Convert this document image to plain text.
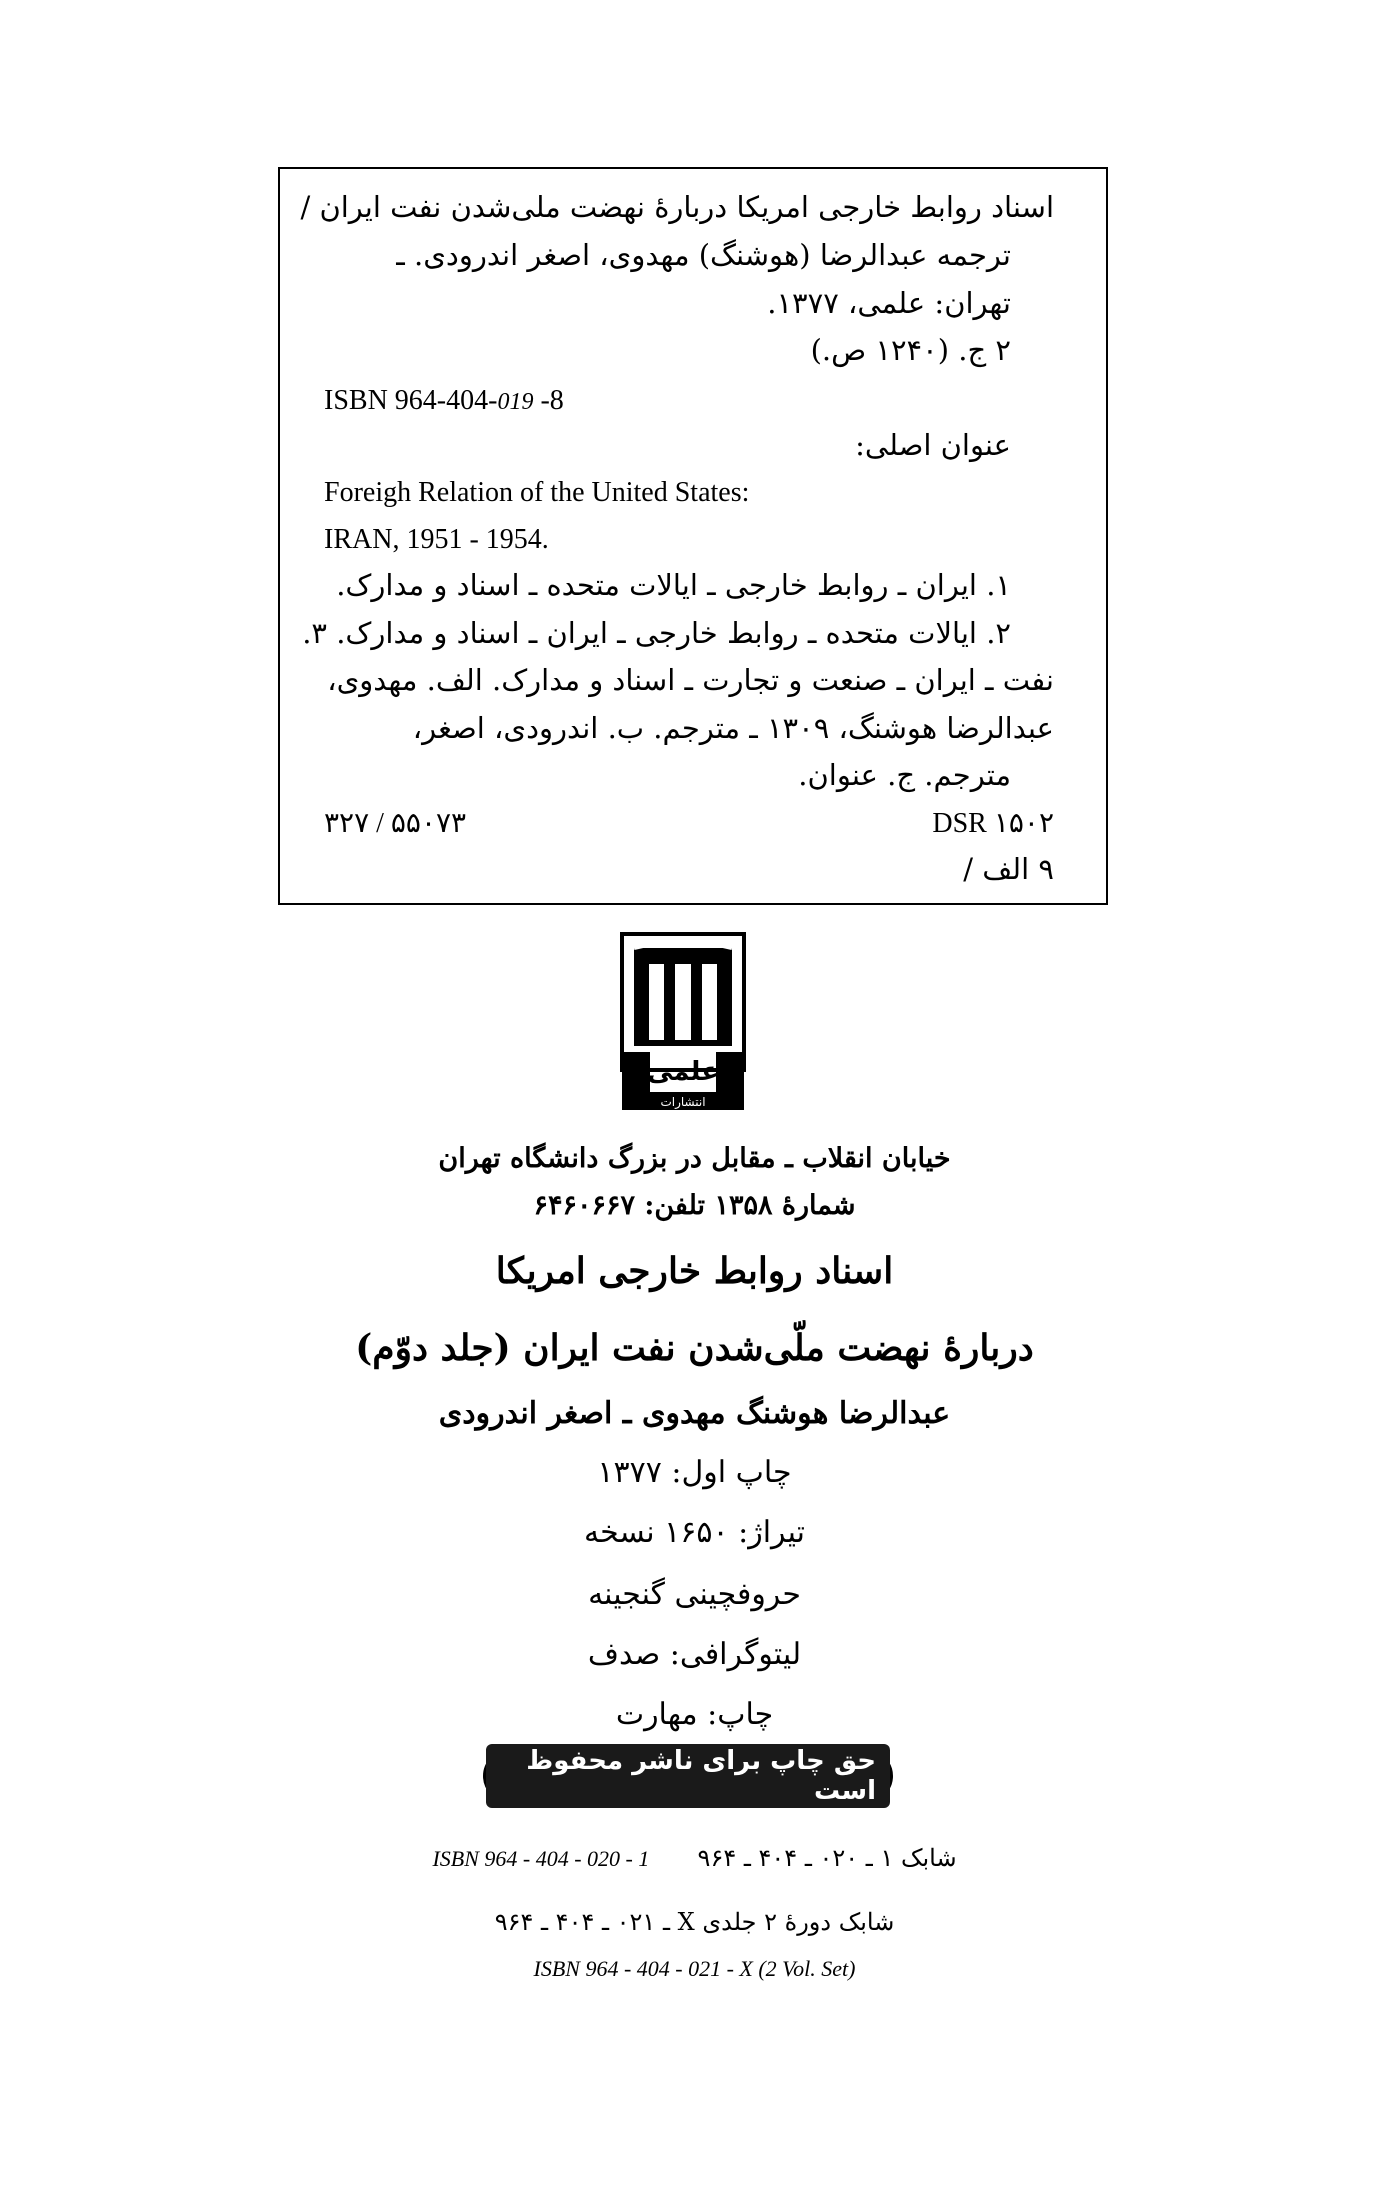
اسناد روابط خارجی امریکا دربارهٔ نهضت ملی‌شدن نفت ایران /
ترجمه عبدالرضا (هوشنگ) مهدوی، اصغر اندرودی. ـ
تهران: علمی، ۱۳۷۷.
۲ ج. (۱۲۴۰ ص.)
ISBN 964-404-019 -8
عنوان اصلی:
Foreigh Relation of the United States:
IRAN, 1951 - 1954.
۱. ایران ـ روابط خارجی ـ ایالات متحده ـ اسناد و مدارک.
۲. ایالات متحده ـ روابط خارجی ـ ایران ـ اسناد و مدارک. ۳.
نفت ـ ایران ـ صنعت و تجارت ـ اسناد و مدارک. الف. مهدوی،
عبدالرضا هوشنگ، ۱۳۰۹ ـ مترجم. ب. اندرودی، اصغر،
مترجم. ج. عنوان.
۳۲۷ / ۵۵۰۷۳	DSR ۱۵۰۲
۹ الف /
علمی
انتشارات
خیابان انقلاب ـ مقابل در بزرگ دانشگاه تهران
شمارهٔ ۱۳۵۸ تلفن: ۶۴۶۰۶۶۷
اسناد روابط خارجی امریکا
دربارهٔ نهضت ملّی‌شدن نفت ایران (جلد دوّم)
عبدالرضا هوشنگ مهدوی ـ اصغر اندرودی
چاپ اول: ۱۳۷۷
تیراژ: ۱۶۵۰ نسخه
حروفچینی گنجینه
لیتوگرافی: صدف
چاپ: مهارت
حق چاپ برای ناشر محفوظ است
ISBN 964 - 404 - 020 - 1 شابک ۱ ـ ۰۲۰ ـ ۴۰۴ ـ ۹۶۴
شابک دورهٔ ۲ جلدی X ـ ۰۲۱ ـ ۴۰۴ ـ ۹۶۴
ISBN 964 - 404 - 021 - X (2 Vol. Set)
